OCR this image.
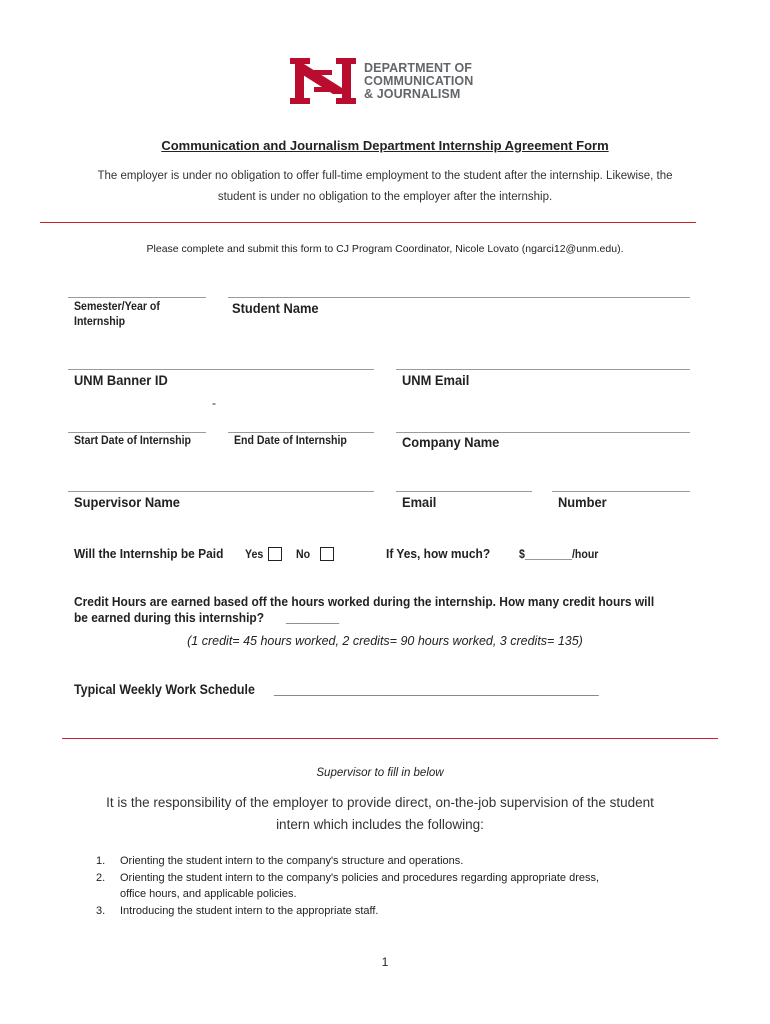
DEPARTMENT OF
COMMUNICATION
& JOURNALISM
Communication and Journalism Department Internship Agreement Form
The employer is under no obligation to offer full-time employment to the student after the internship. Likewise, the
student is under no obligation to the employer after the internship.
Please complete and submit this form to CJ Program Coordinator, Nicole Lovato (ngarci12@unm.edu).
Semester/Year of
Internship
Student Name
UNM Banner ID	UNM Email
-
Start Date of Internship	End Date of Internship	Company Name
Supervisor Name	Email	Number
Will the Internship be Paid Yes	No	If Yes, how much?	$________/hour
Credit Hours are earned based off the hours worked during the internship. How many credit hours will
be earned during this internship? ________
(1 credit= 45 hours worked, 2 credits= 90 hours worked, 3 credits= 135)
Typical Weekly Work Schedule _______________________________________________
Supervisor to fill in below
It is the responsibility of the employer to provide direct, on-the-job supervision of the student
intern which includes the following:
1.	Orienting the student intern to the company's structure and operations.
2.	Orienting the student intern to the company's policies and procedures regarding appropriate dress,
office hours, and applicable policies.
3.	Introducing the student intern to the appropriate staff.
1
